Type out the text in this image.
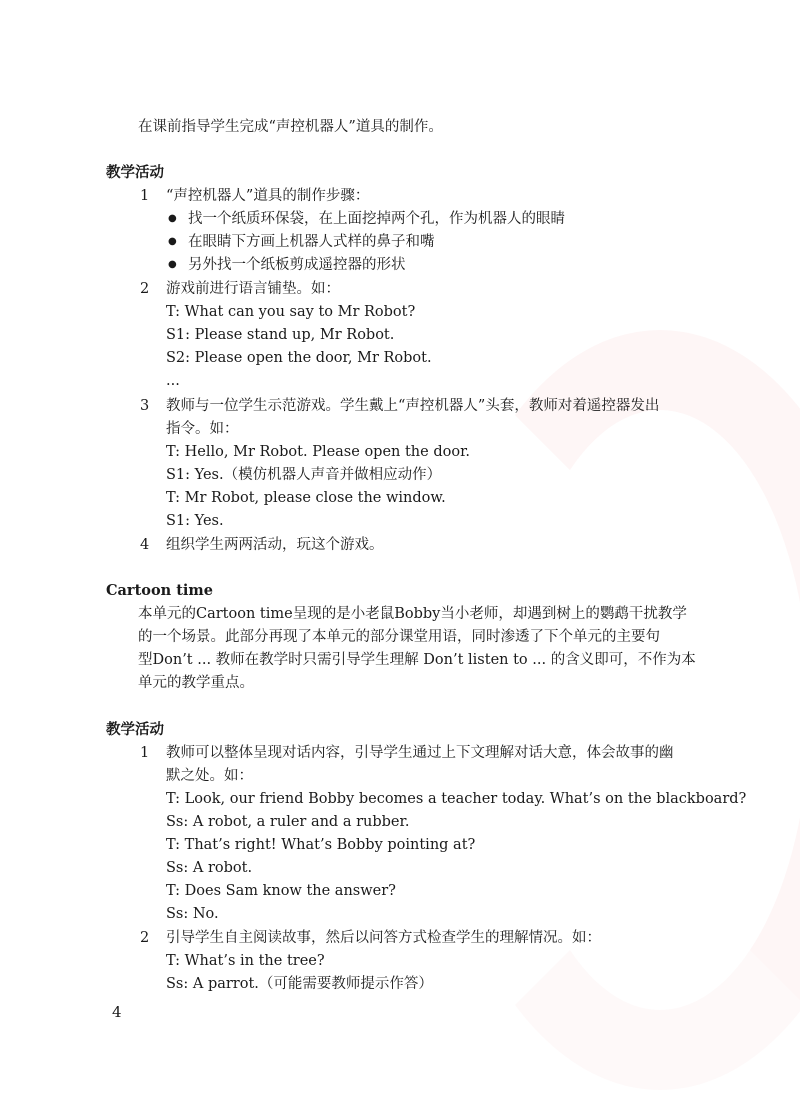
在课前指导学生完成“声控机器人”道具的制作。
教学活动
1 “声控机器人”道具的制作步骤：
● 找一个纸质环保袋，在上面挖掉两个孔，作为机器人的眼睛
● 在眼睛下方画上机器人式样的鼻子和嘴
● 另外找一个纸板剪成遥控器的形状
2 游戏前进行语言铺垫。如：
T: What can you say to Mr Robot?
S1: Please stand up, Mr Robot.
S2: Please open the door, Mr Robot.
...
3 教师与一位学生示范游戏。学生戴上“声控机器人”头套，教师对着遥控器发出
指令。如：
T: Hello, Mr Robot. Please open the door.
S1: Yes.（模仿机器人声音并做相应动作）
T: Mr Robot, please close the window.
S1: Yes.
4 组织学生两两活动，玩这个游戏。
Cartoon time
本单元的Cartoon time呈现的是小老鼠Bobby当小老师，却遇到树上的鹦鹉干扰教学
的一个场景。此部分再现了本单元的部分课堂用语，同时渗透了下个单元的主要句
型Don’t ... 教师在教学时只需引导学生理解 Don’t listen to ... 的含义即可，不作为本
单元的教学重点。
教学活动
1 教师可以整体呈现对话内容，引导学生通过上下文理解对话大意，体会故事的幽
默之处。如：
T: Look, our friend Bobby becomes a teacher today. What’s on the blackboard?
Ss: A robot, a ruler and a rubber.
T: That’s right! What’s Bobby pointing at?
Ss: A robot.
T: Does Sam know the answer?
Ss: No.
2 引导学生自主阅读故事，然后以问答方式检查学生的理解情况。如：
T: What’s in the tree?
Ss: A parrot.（可能需要教师提示作答）
4
